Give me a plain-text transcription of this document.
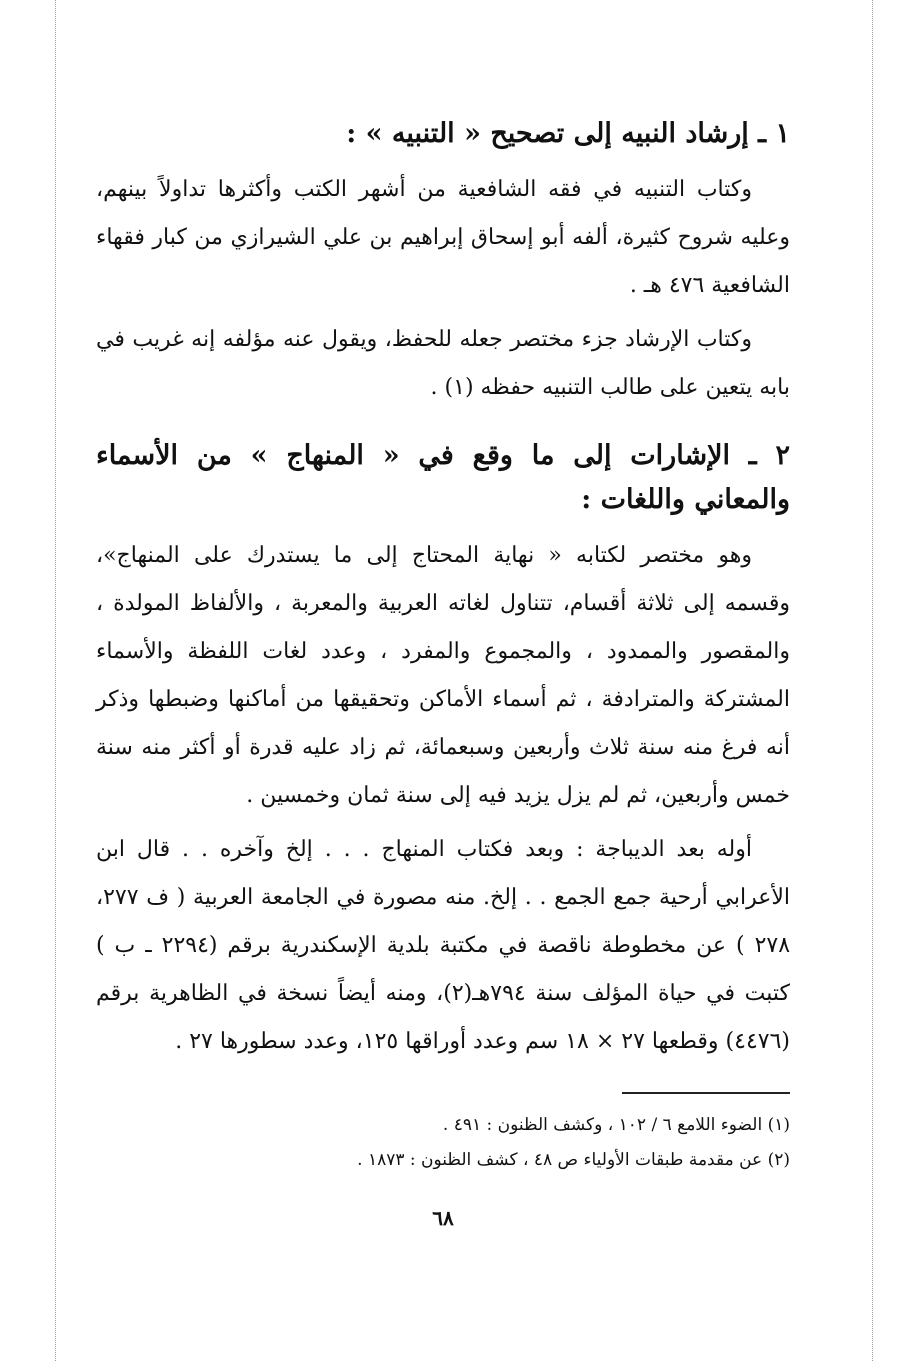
١ ـ إرشاد النبيه إلى تصحيح « التنبيه » :

وكتاب التنبيه في فقه الشافعية من أشهر الكتب وأكثرها تداولاً بينهم، وعليه شروح كثيرة، ألفه أبو إسحاق إبراهيم بن علي الشيرازي من كبار فقهاء الشافعية ٤٧٦ هـ .

وكتاب الإرشاد جزء مختصر جعله للحفظ، ويقول عنه مؤلفه إنه غريب في بابه يتعين على طالب التنبيه حفظه (١) .

٢ ـ الإشارات إلى ما وقع في « المنهاج » من الأسماء والمعاني واللغات :

وهو مختصر لكتابه « نهاية المحتاج إلى ما يستدرك على المنهاج»، وقسمه إلى ثلاثة أقسام، تتناول لغاته العربية والمعربة ، والألفاظ المولدة ، والمقصور والممدود ، والمجموع والمفرد ، وعدد لغات اللفظة والأسماء المشتركة والمترادفة ، ثم أسماء الأماكن وتحقيقها من أماكنها وضبطها وذكر أنه فرغ منه سنة ثلاث وأربعين وسبعمائة، ثم زاد عليه قدرة أو أكثر منه سنة خمس وأربعين، ثم لم يزل يزيد فيه إلى سنة ثمان وخمسين .

أوله بعد الديباجة : وبعد فكتاب المنهاج . . . إلخ وآخره . . قال ابن الأعرابي أرحية جمع الجمع . . إلخ. منه مصورة في الجامعة العربية ( ف ٢٧٧، ٢٧٨ ) عن مخطوطة ناقصة في مكتبة بلدية الإسكندرية برقم (٢٢٩٤ ـ ب ) كتبت في حياة المؤلف سنة ٧٩٤هـ(٢)، ومنه أيضاً نسخة في الظاهرية برقم (٤٤٧٦) وقطعها ٢٧ × ١٨ سم وعدد أوراقها ١٢٥، وعدد سطورها ٢٧ .

(١) الضوء اللامع ٦ / ١٠٢ ، وكشف الظنون : ٤٩١ .

(٢) عن مقدمة طبقات الأولياء ص ٤٨ ، كشف الظنون : ١٨٧٣ .

٦٨
